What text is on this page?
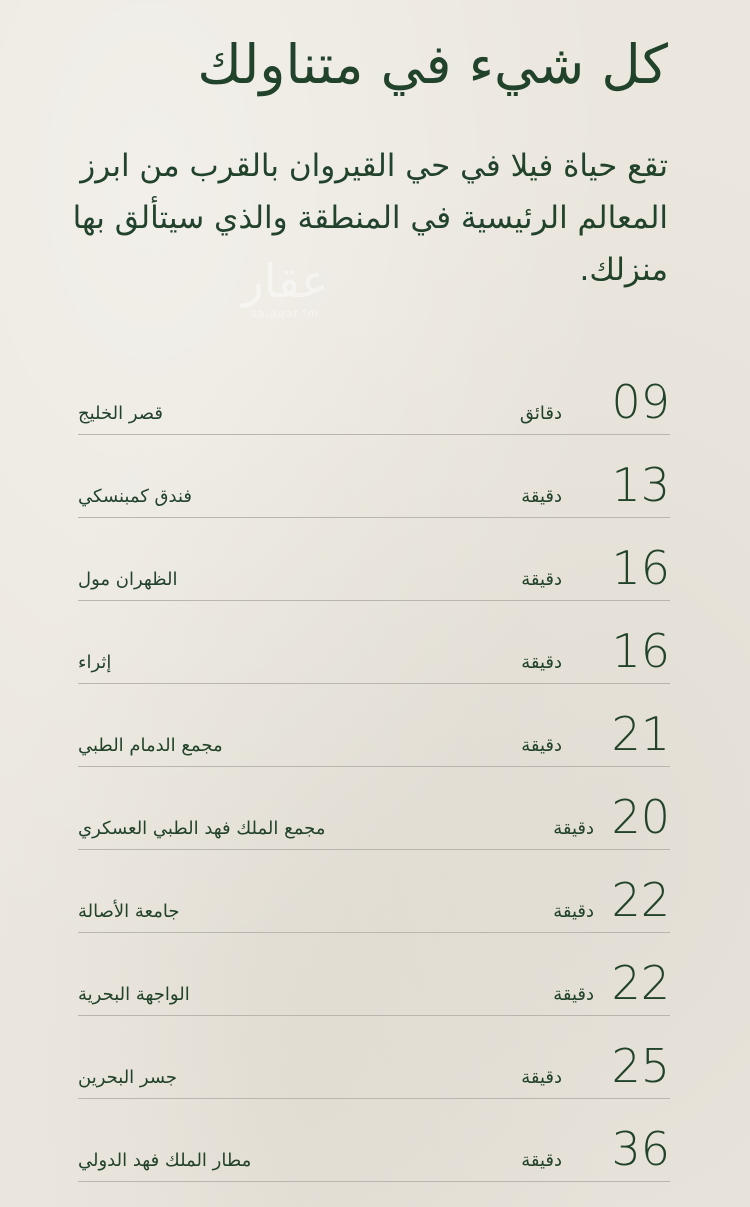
كل شيء في متناولك

تقع حياة فيلا في حي القيروان بالقرب من ابرز المعالم الرئيسية في المنطقة والذي سيتألق بها منزلك.

عقار
sa.aqar.fm
09
دقائق
قصر الخليج
13
دقيقة
فندق كمبنسكي
16
دقيقة
الظهران مول
16
دقيقة
إثراء
21
دقيقة
مجمع الدمام الطبي
20
دقيقة
مجمع الملك فهد الطبي العسكري
22
دقيقة
جامعة الأصالة
22
دقيقة
الواجهة البحرية
25
دقيقة
جسر البحرين
36
دقيقة
مطار الملك فهد الدولي
